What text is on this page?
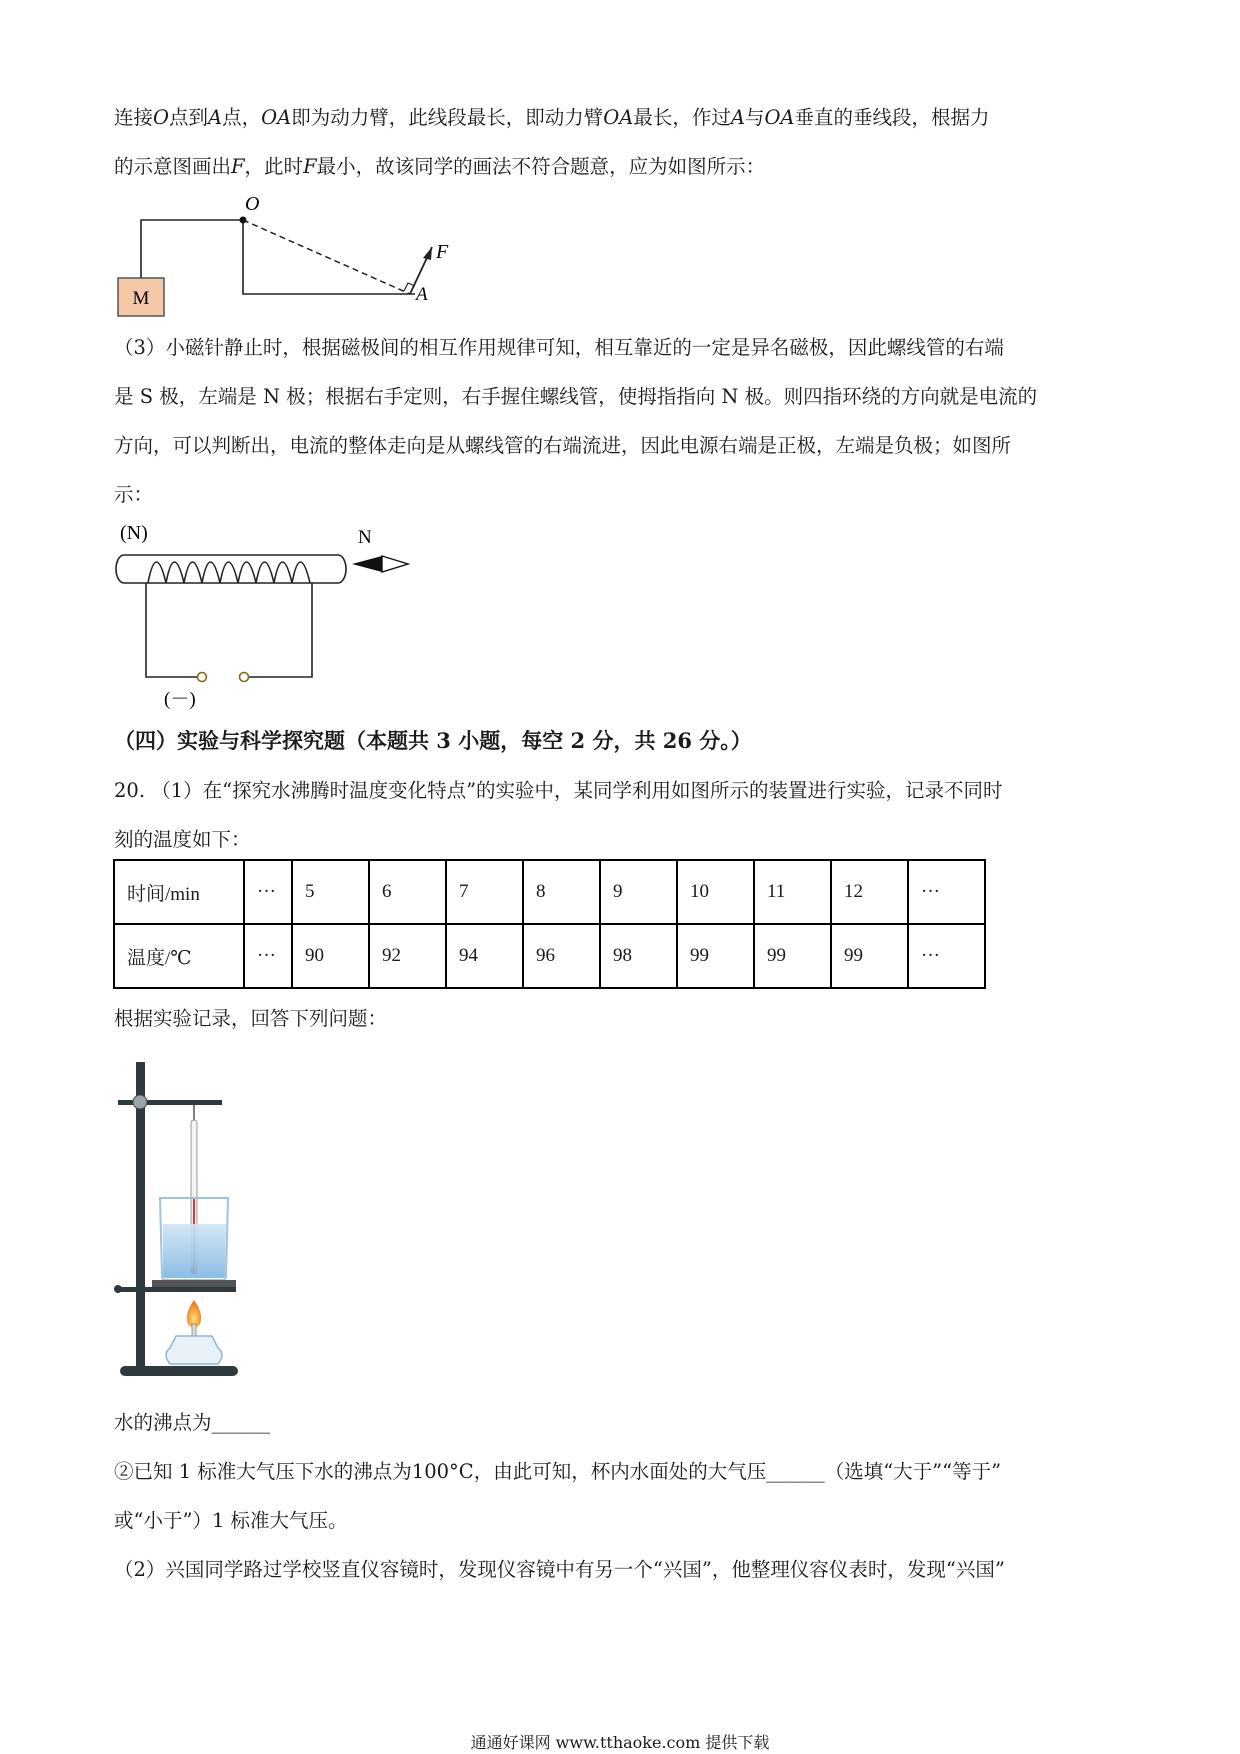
连接O点到A点，OA即为动力臂，此线段最长，即动力臂OA最长，作过A与OA垂直的垂线段，根据力
的示意图画出F，此时F最小，故该同学的画法不符合题意，应为如图所示：
M
O
F
A
（3）小磁针静止时，根据磁极间的相互作用规律可知，相互靠近的一定是异名磁极，因此螺线管的右端
是 S 极，左端是 N 极；根据右手定则，右手握住螺线管，使拇指指向 N 极。则四指环绕的方向就是电流的
方向，可以判断出，电流的整体走向是从螺线管的右端流进，因此电源右端是正极，左端是负极；如图所
示：
(N)
(－)
N
（四）实验与科学探究题（本题共 3 小题，每空 2 分，共 26 分。）
20. （1）在“探究水沸腾时温度变化特点”的实验中，某同学利用如图所示的装置进行实验，记录不同时
刻的温度如下：
时间/min	···	5	6	7	8	9	10	11	12	···
温度/℃	···	90	92	94	96	98	99	99	99	···
根据实验记录，回答下列问题：
水的沸点为______
②已知 1 标准大气压下水的沸点为100°C，由此可知，杯内水面处的大气压______（选填“大于”“等于”
或“小于”）1 标准大气压。
（2）兴国同学路过学校竖直仪容镜时，发现仪容镜中有另一个“兴国”，他整理仪容仪表时，发现“兴国”
通通好课网 www.tthaoke.com 提供下载
